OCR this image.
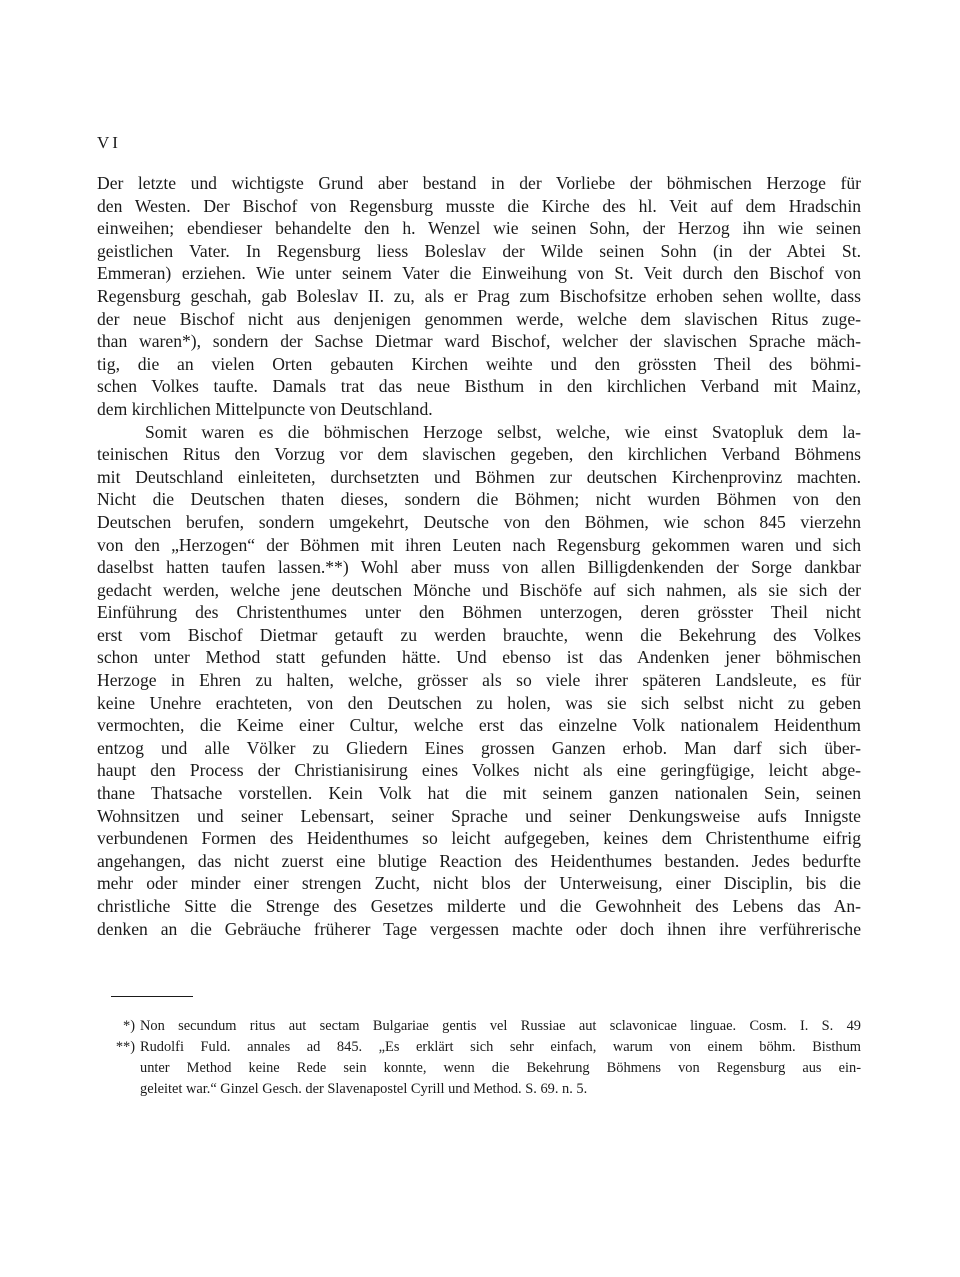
VI
Der letzte und wichtigste Grund aber bestand in der Vorliebe der böhmischen Herzoge für
den Westen. Der Bischof von Regensburg musste die Kirche des hl. Veit auf dem Hradschin
einweihen; ebendieser behandelte den h. Wenzel wie seinen Sohn, der Herzog ihn wie seinen
geistlichen Vater. In Regensburg liess Boleslav der Wilde seinen Sohn (in der Abtei St.
Emmeran) erziehen. Wie unter seinem Vater die Einweihung von St. Veit durch den Bischof von
Regensburg geschah, gab Boleslav II. zu, als er Prag zum Bischofsitze erhoben sehen wollte, dass
der neue Bischof nicht aus denjenigen genommen werde, welche dem slavischen Ritus zuge-
than waren*), sondern der Sachse Dietmar ward Bischof, welcher der slavischen Sprache mäch-
tig, die an vielen Orten gebauten Kirchen weihte und den grössten Theil des böhmi-
schen Volkes taufte. Damals trat das neue Bisthum in den kirchlichen Verband mit Mainz,
dem kirchlichen Mittelpuncte von Deutschland.
Somit waren es die böhmischen Herzoge selbst, welche, wie einst Svatopluk dem la-
teinischen Ritus den Vorzug vor dem slavischen gegeben, den kirchlichen Verband Böhmens
mit Deutschland einleiteten, durchsetzten und Böhmen zur deutschen Kirchenprovinz machten.
Nicht die Deutschen thaten dieses, sondern die Böhmen; nicht wurden Böhmen von den
Deutschen berufen, sondern umgekehrt, Deutsche von den Böhmen, wie schon 845 vierzehn
von den „Herzogen“ der Böhmen mit ihren Leuten nach Regensburg gekommen waren und sich
daselbst hatten taufen lassen.**) Wohl aber muss von allen Billigdenkenden der Sorge dankbar
gedacht werden, welche jene deutschen Mönche und Bischöfe auf sich nahmen, als sie sich der
Einführung des Christenthumes unter den Böhmen unterzogen, deren grösster Theil nicht
erst vom Bischof Dietmar getauft zu werden brauchte, wenn die Bekehrung des Volkes
schon unter Method statt gefunden hätte. Und ebenso ist das Andenken jener böhmischen
Herzoge in Ehren zu halten, welche, grösser als so viele ihrer späteren Landsleute, es für
keine Unehre erachteten, von den Deutschen zu holen, was sie sich selbst nicht zu geben
vermochten, die Keime einer Cultur, welche erst das einzelne Volk nationalem Heidenthum
entzog und alle Völker zu Gliedern Eines grossen Ganzen erhob. Man darf sich über-
haupt den Process der Christianisirung eines Volkes nicht als eine geringfügige, leicht abge-
thane Thatsache vorstellen. Kein Volk hat die mit seinem ganzen nationalen Sein, seinen
Wohnsitzen und seiner Lebensart, seiner Sprache und seiner Denkungsweise aufs Innigste
verbundenen Formen des Heidenthumes so leicht aufgegeben, keines dem Christenthume eifrig
angehangen, das nicht zuerst eine blutige Reaction des Heidenthumes bestanden. Jedes bedurfte
mehr oder minder einer strengen Zucht, nicht blos der Unterweisung, einer Disciplin, bis die
christliche Sitte die Strenge des Gesetzes milderte und die Gewohnheit des Lebens das An-
denken an die Gebräuche früherer Tage vergessen machte oder doch ihnen ihre verführerische
*) Non secundum ritus aut sectam Bulgariae gentis vel Russiae aut sclavonicae linguae. Cosm. I. S. 49
**) Rudolfi Fuld. annales ad 845. „Es erklärt sich sehr einfach, warum von einem böhm. Bisthum
unter Method keine Rede sein konnte, wenn die Bekehrung Böhmens von Regensburg aus ein-
geleitet war.“ Ginzel Gesch. der Slavenapostel Cyrill und Method. S. 69. n. 5.
